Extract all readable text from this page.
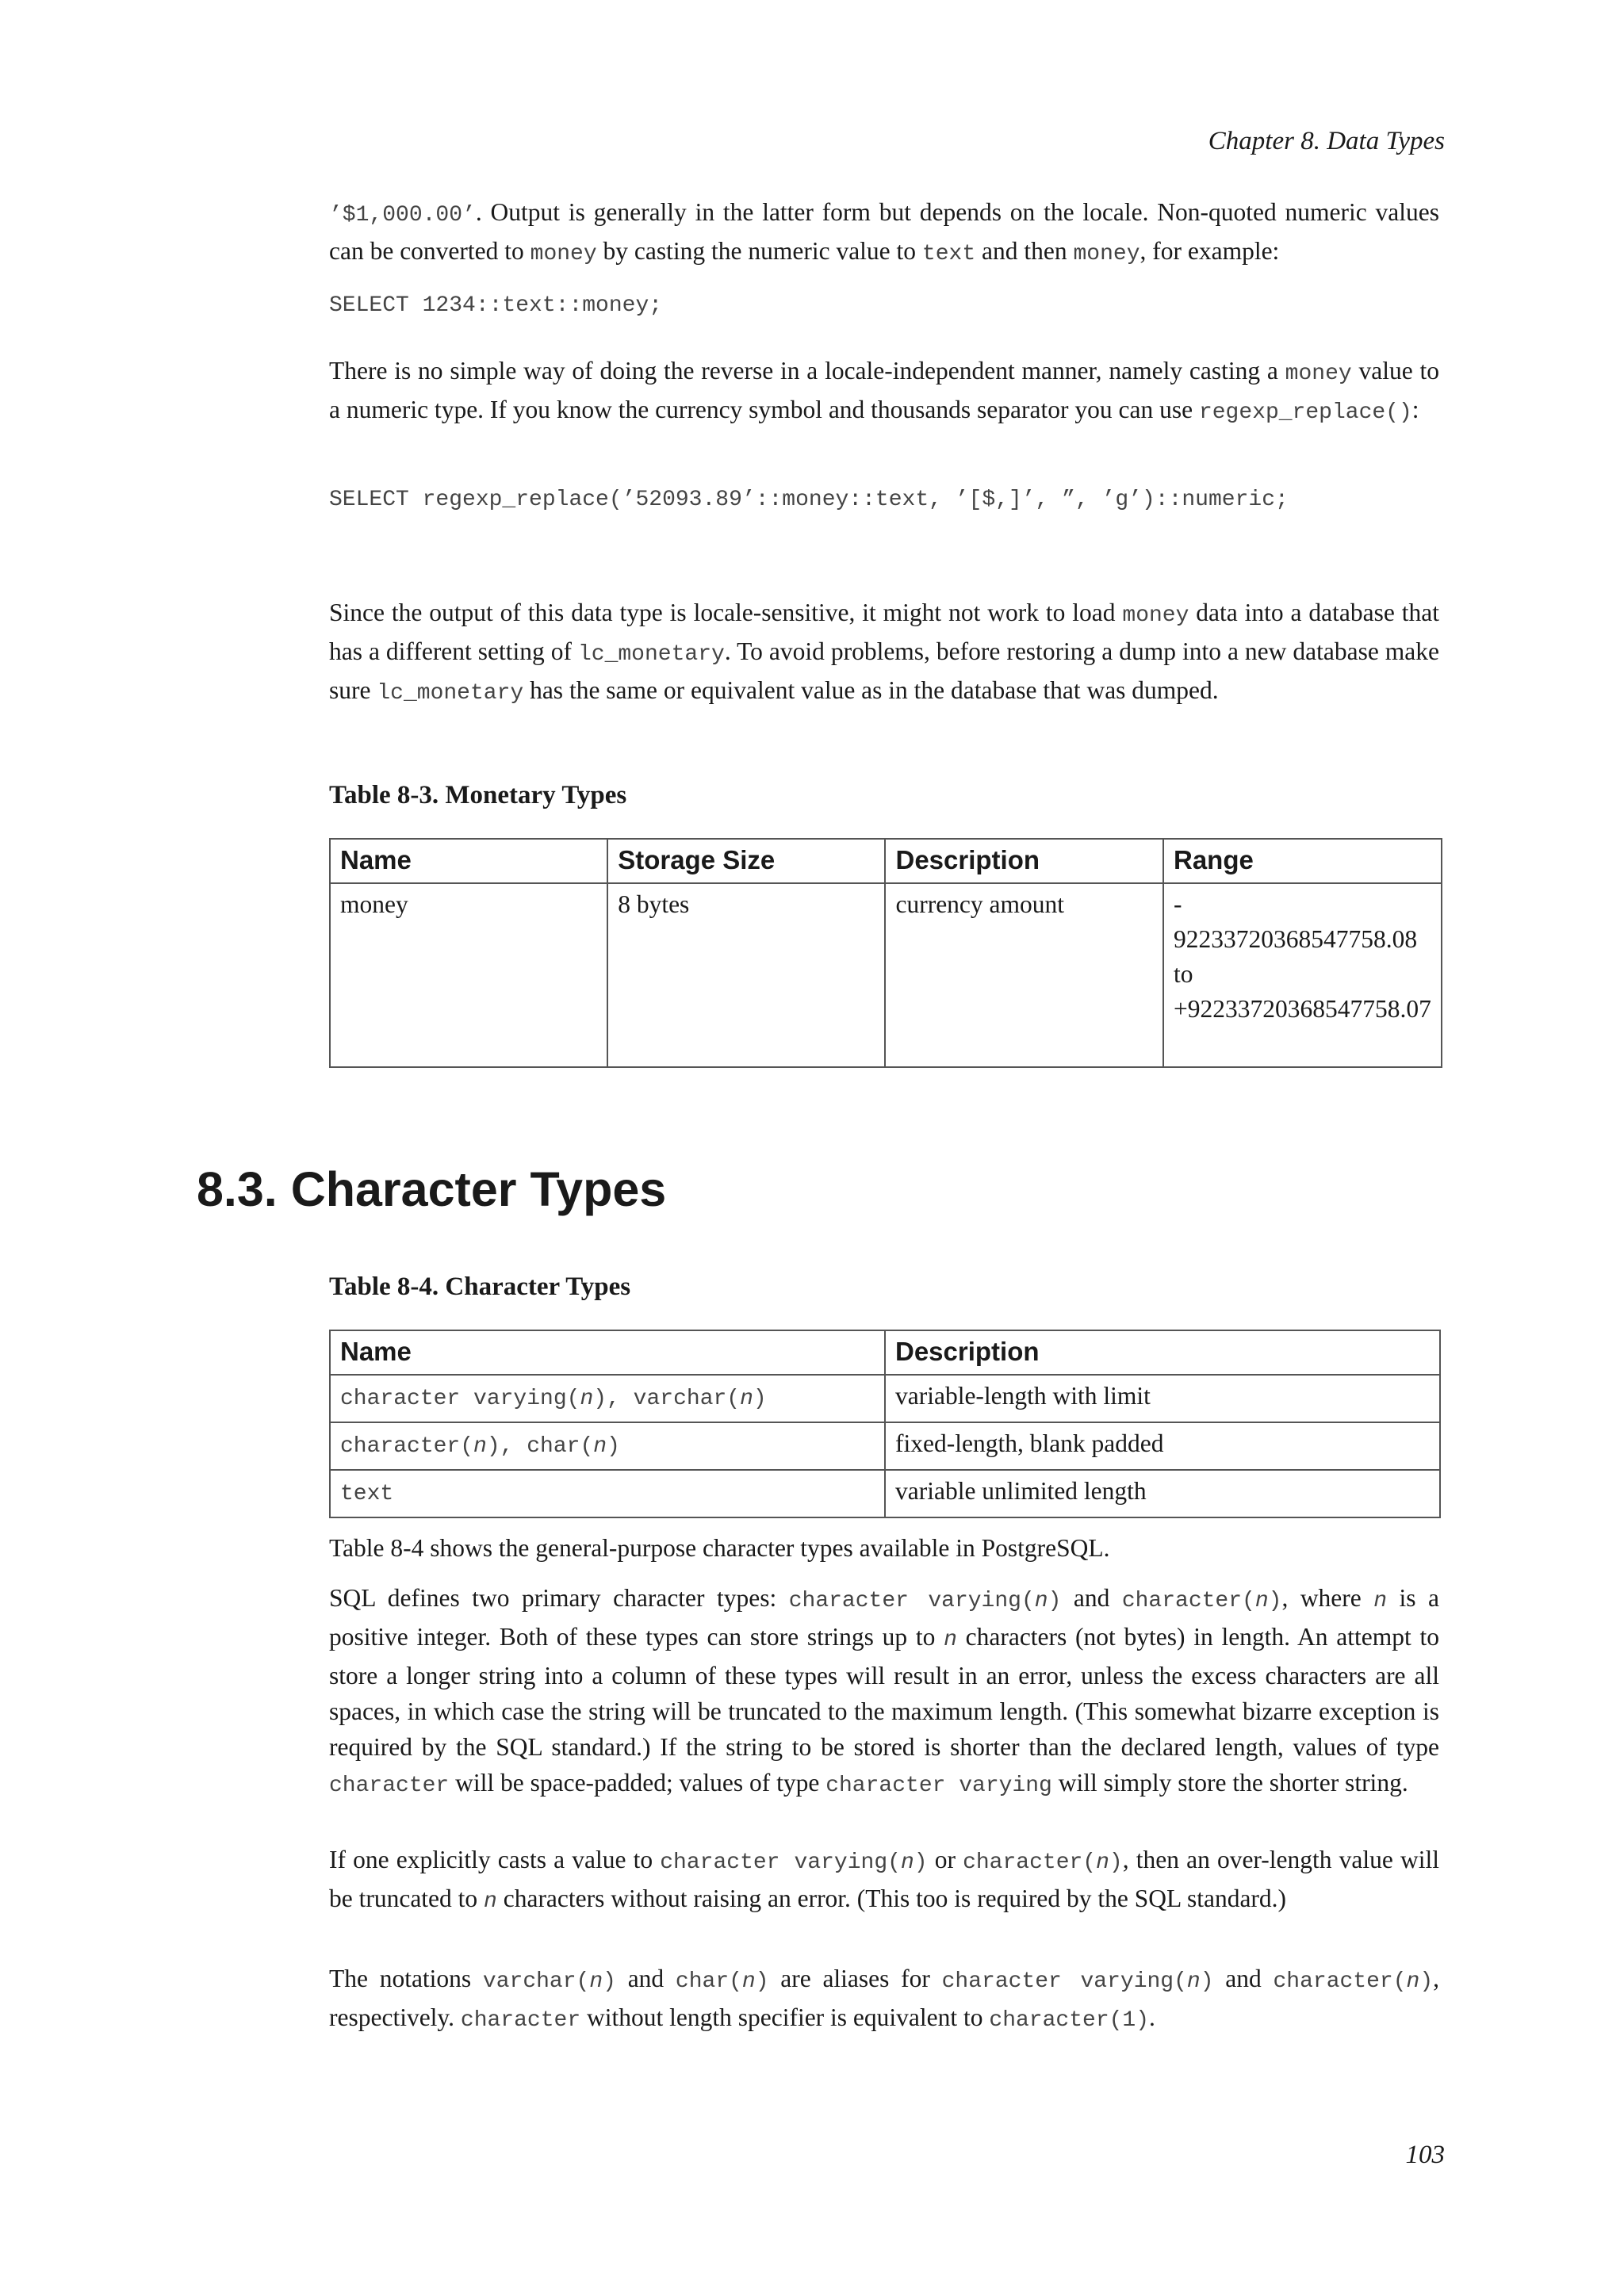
Chapter 8. Data Types

’$1,000.00’. Output is generally in the latter form but depends on the locale. Non-quoted numeric values can be converted to money by casting the numeric value to text and then money, for example:

SELECT 1234::text::money;

There is no simple way of doing the reverse in a locale-independent manner, namely casting a money value to a numeric type. If you know the currency symbol and thousands separator you can use regexp_replace():

SELECT regexp_replace(’52093.89’::money::text, ’[$,]’, ”, ’g’)::numeric;

Since the output of this data type is locale-sensitive, it might not work to load money data into a database that has a different setting of lc_monetary. To avoid problems, before restoring a dump into a new database make sure lc_monetary has the same or equivalent value as in the database that was dumped.

Table 8-3. Monetary Types
Name	Storage Size	Description	Range
money	8 bytes	currency amount	-
92233720368547758.08
to
+92233720368547758.07
8.3. Character Types
Table 8-4. Character Types
Name	Description
character varying(n), varchar(n)	variable-length with limit
character(n), char(n)	fixed-length, blank padded
text	variable unlimited length

Table 8-4 shows the general-purpose character types available in PostgreSQL.

SQL defines two primary character types: character varying(n) and character(n), where n is a positive integer. Both of these types can store strings up to n characters (not bytes) in length. An attempt to store a longer string into a column of these types will result in an error, unless the excess characters are all spaces, in which case the string will be truncated to the maximum length. (This somewhat bizarre exception is required by the SQL standard.) If the string to be stored is shorter than the declared length, values of type character will be space-padded; values of type character varying will simply store the shorter string.

If one explicitly casts a value to character varying(n) or character(n), then an over-length value will be truncated to n characters without raising an error. (This too is required by the SQL standard.)

The notations varchar(n) and char(n) are aliases for character varying(n) and character(n), respectively. character without length specifier is equivalent to character(1).

103
